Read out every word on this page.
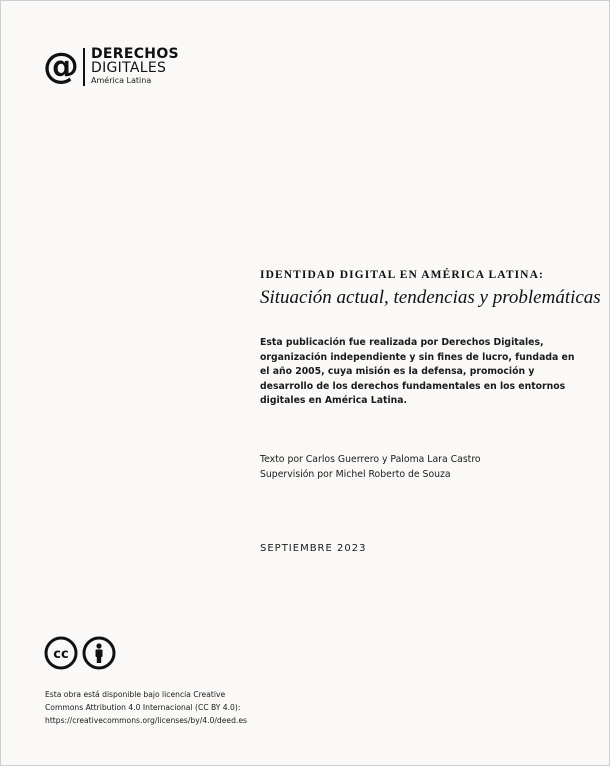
@ DERECHOS
DIGITALES
América Latina
IDENTIDAD DIGITAL EN AMÉRICA LATINA:
Situación actual, tendencias y problemáticas
Esta publicación fue realizada por Derechos Digitales, organización independiente y sin fines de lucro, fundada en el año 2005, cuya misión es la defensa, promoción y desarrollo de los derechos fundamentales en los entornos digitales en América Latina.
Texto por Carlos Guerrero y Paloma Lara Castro
Supervisión por Michel Roberto de Souza
SEPTIEMBRE 2023
cc
Esta obra está disponible bajo licencia Creative
Commons Attribution 4.0 Internacional (CC BY 4.0):
https://creativecommons.org/licenses/by/4.0/deed.es
